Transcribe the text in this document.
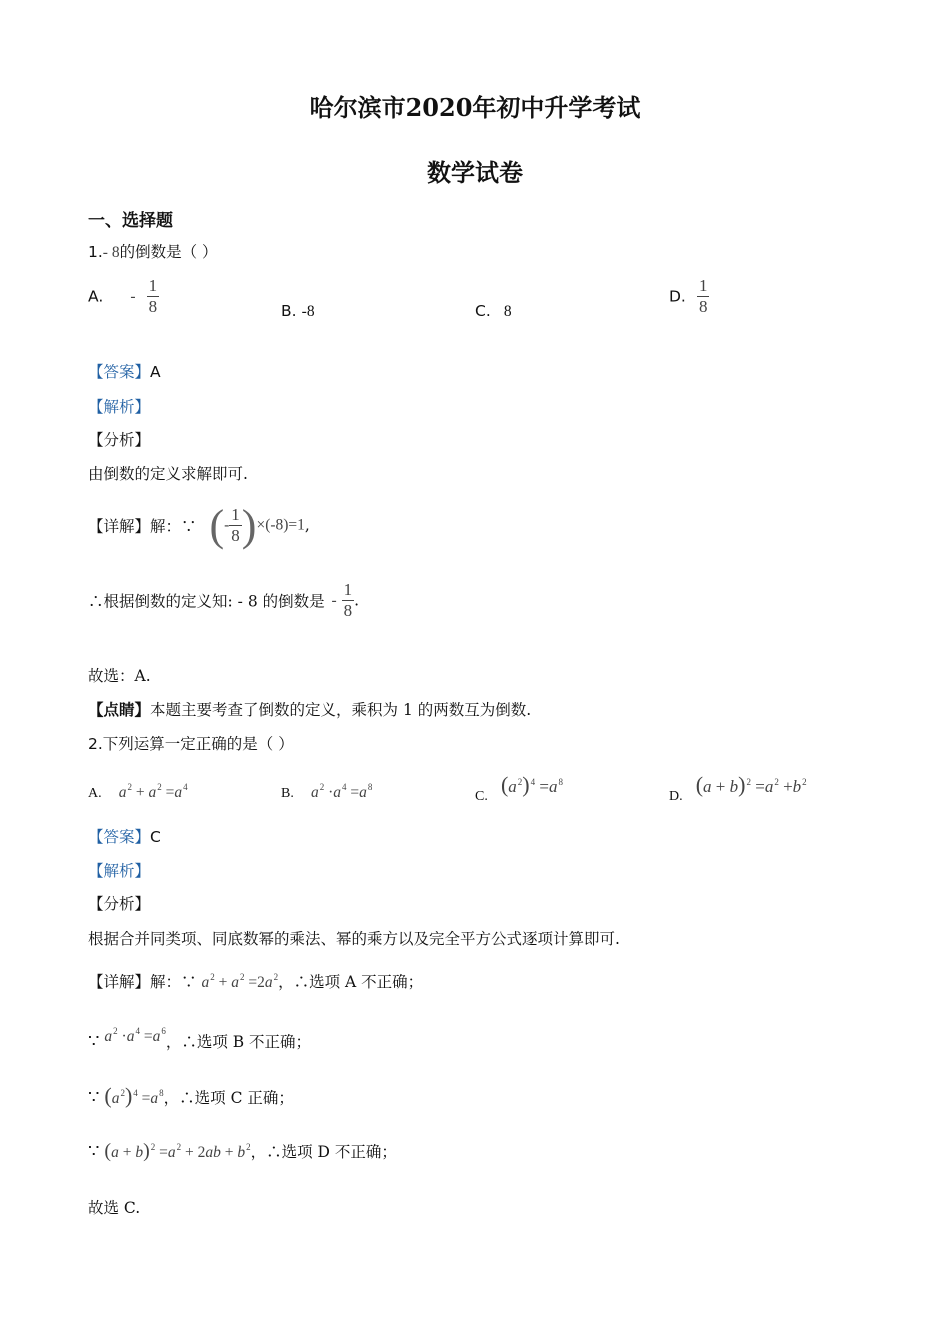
哈尔滨市2020年初中升学考试
数学试卷
一、选择题
1.- 8的倒数是（ ）
A. - $\frac{1}{8}$	B. -8	C. 8
D. $\frac{1}{8}$
【答案】A
【解析】
【分析】
由倒数的定义求解即可.
【详解】解：∵ (- $\frac{1}{8} )\times(-8)=1$,
∴根据倒数的定义知: - 8 的倒数是 - $\frac{1}{8}$ .
故选：A.
【点睛】本题主要考查了倒数的定义，乘积为 1 的两数互为倒数.
2.下列运算一定正确的是（ ）
A. $a^2 + a^2 =a^4$	B. $a^2 \cdot a^4 =a^8$
C. $(a^2)^4 =a^8$
D. $(a + b)^2 =a^2 +b^2$
【答案】C
【解析】
【分析】
根据合并同类项、同底数幂的乘法、幂的乘方以及完全平方公式逐项计算即可.
【详解】解：∵ $a^2 + a^2 =2a^2$，∴选项 A 不正确；
∵ $a^2 \cdot a^4 =a^6$，∴选项 B 不正确；
∵ $(a^2)^4 =a^8$，∴选项 C 正确；
∵ $(a + b)^2 =a^2 + 2ab + b^2$，∴选项 D 不正确；
故选 C.
